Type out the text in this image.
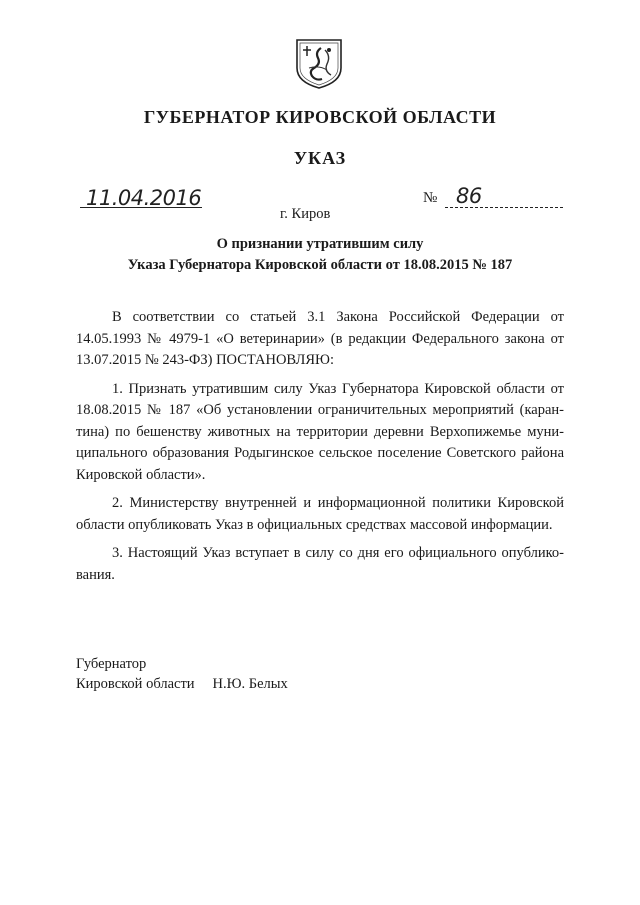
ГУБЕРНАТОР КИРОВСКОЙ ОБЛАСТИ
УКАЗ
11.04.2016	№ 86
г. Киров
О признании утратившим силу
Указа Губернатора Кировской области от 18.08.2015 № 187

В соответствии со статьей 3.1 Закона Российской Федерации от 14.05.1993 № 4979-1 «О ветеринарии» (в редакции Федерального закона от 13.07.2015 № 243-ФЗ) ПОСТАНОВЛЯЮ:

1. Признать утратившим силу Указ Губернатора Кировской области от 18.08.2015 № 187 «Об установлении ограничительных мероприятий (каран-тина) по бешенству животных на территории деревни Верхопижемье муни-ципального образования Родыгинское сельское поселение Советского района Кировской области».

2. Министерству внутренней и информационной политики Кировской области опубликовать Указ в официальных средствах массовой информации.

3. Настоящий Указ вступает в силу со дня его официального опублико-вания.

Губернатор
Кировской области Н.Ю. Белых
